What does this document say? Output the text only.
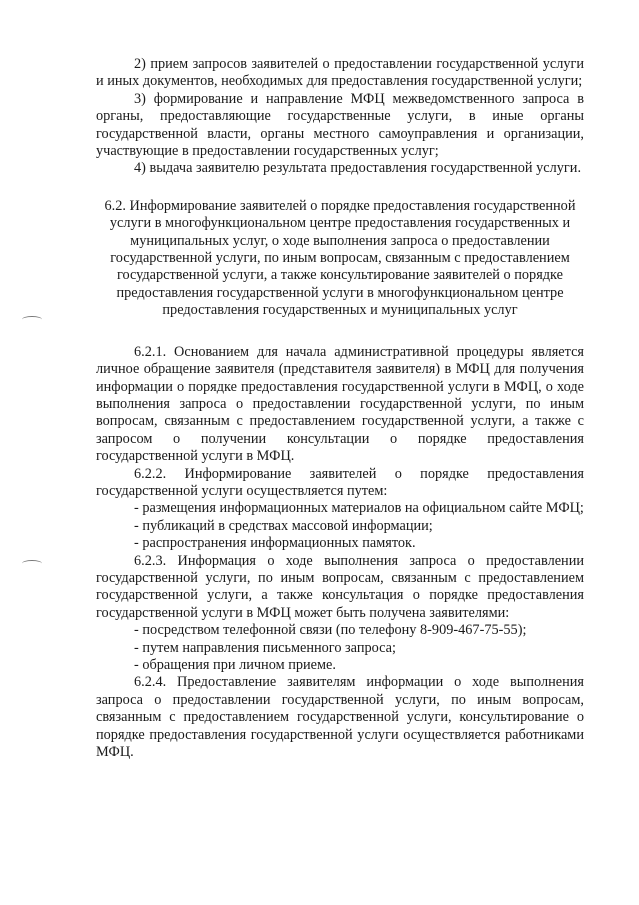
2) прием запросов заявителей о предоставлении государственной услуги и иных документов, необходимых для предоставления государственной услуги;

3) формирование и направление МФЦ межведомственного запроса в органы, предоставляющие государственные услуги, в иные органы государственной власти, органы местного самоуправления и организации, участвующие в предоставлении государственных услуг;

4) выдача заявителю результата предоставления государственной услуги.

6.2. Информирование заявителей о порядке предоставления государственной услуги в многофункциональном центре предоставления государственных и муниципальных услуг, о ходе выполнения запроса о предоставлении государственной услуги, по иным вопросам, связанным с предоставлением государственной услуги, а также консультирование заявителей о порядке предоставления государственной услуги в многофункциональном центре предоставления государственных и муниципальных услуг

6.2.1. Основанием для начала административной процедуры является личное обращение заявителя (представителя заявителя) в МФЦ для получения информации о порядке предоставления государственной услуги в МФЦ, о ходе выполнения запроса о предоставлении государственной услуги, по иным вопросам, связанным с предоставлением государственной услуги, а также с запросом о получении консультации о порядке предоставления государственной услуги в МФЦ.

6.2.2. Информирование заявителей о порядке предоставления государственной услуги осуществляется путем:

- размещения информационных материалов на официальном сайте МФЦ;

- публикаций в средствах массовой информации;

- распространения информационных памяток.

6.2.3. Информация о ходе выполнения запроса о предоставлении государственной услуги, по иным вопросам, связанным с предоставлением государственной услуги, а также консультация о порядке предоставления государственной услуги в МФЦ может быть получена заявителями:

- посредством телефонной связи (по телефону 8-909-467-75-55);

- путем направления письменного запроса;

- обращения при личном приеме.

6.2.4. Предоставление заявителям информации о ходе выполнения запроса о предоставлении государственной услуги, по иным вопросам, связанным с предоставлением государственной услуги, консультирование о порядке предоставления государственной услуги осуществляется работниками МФЦ.
